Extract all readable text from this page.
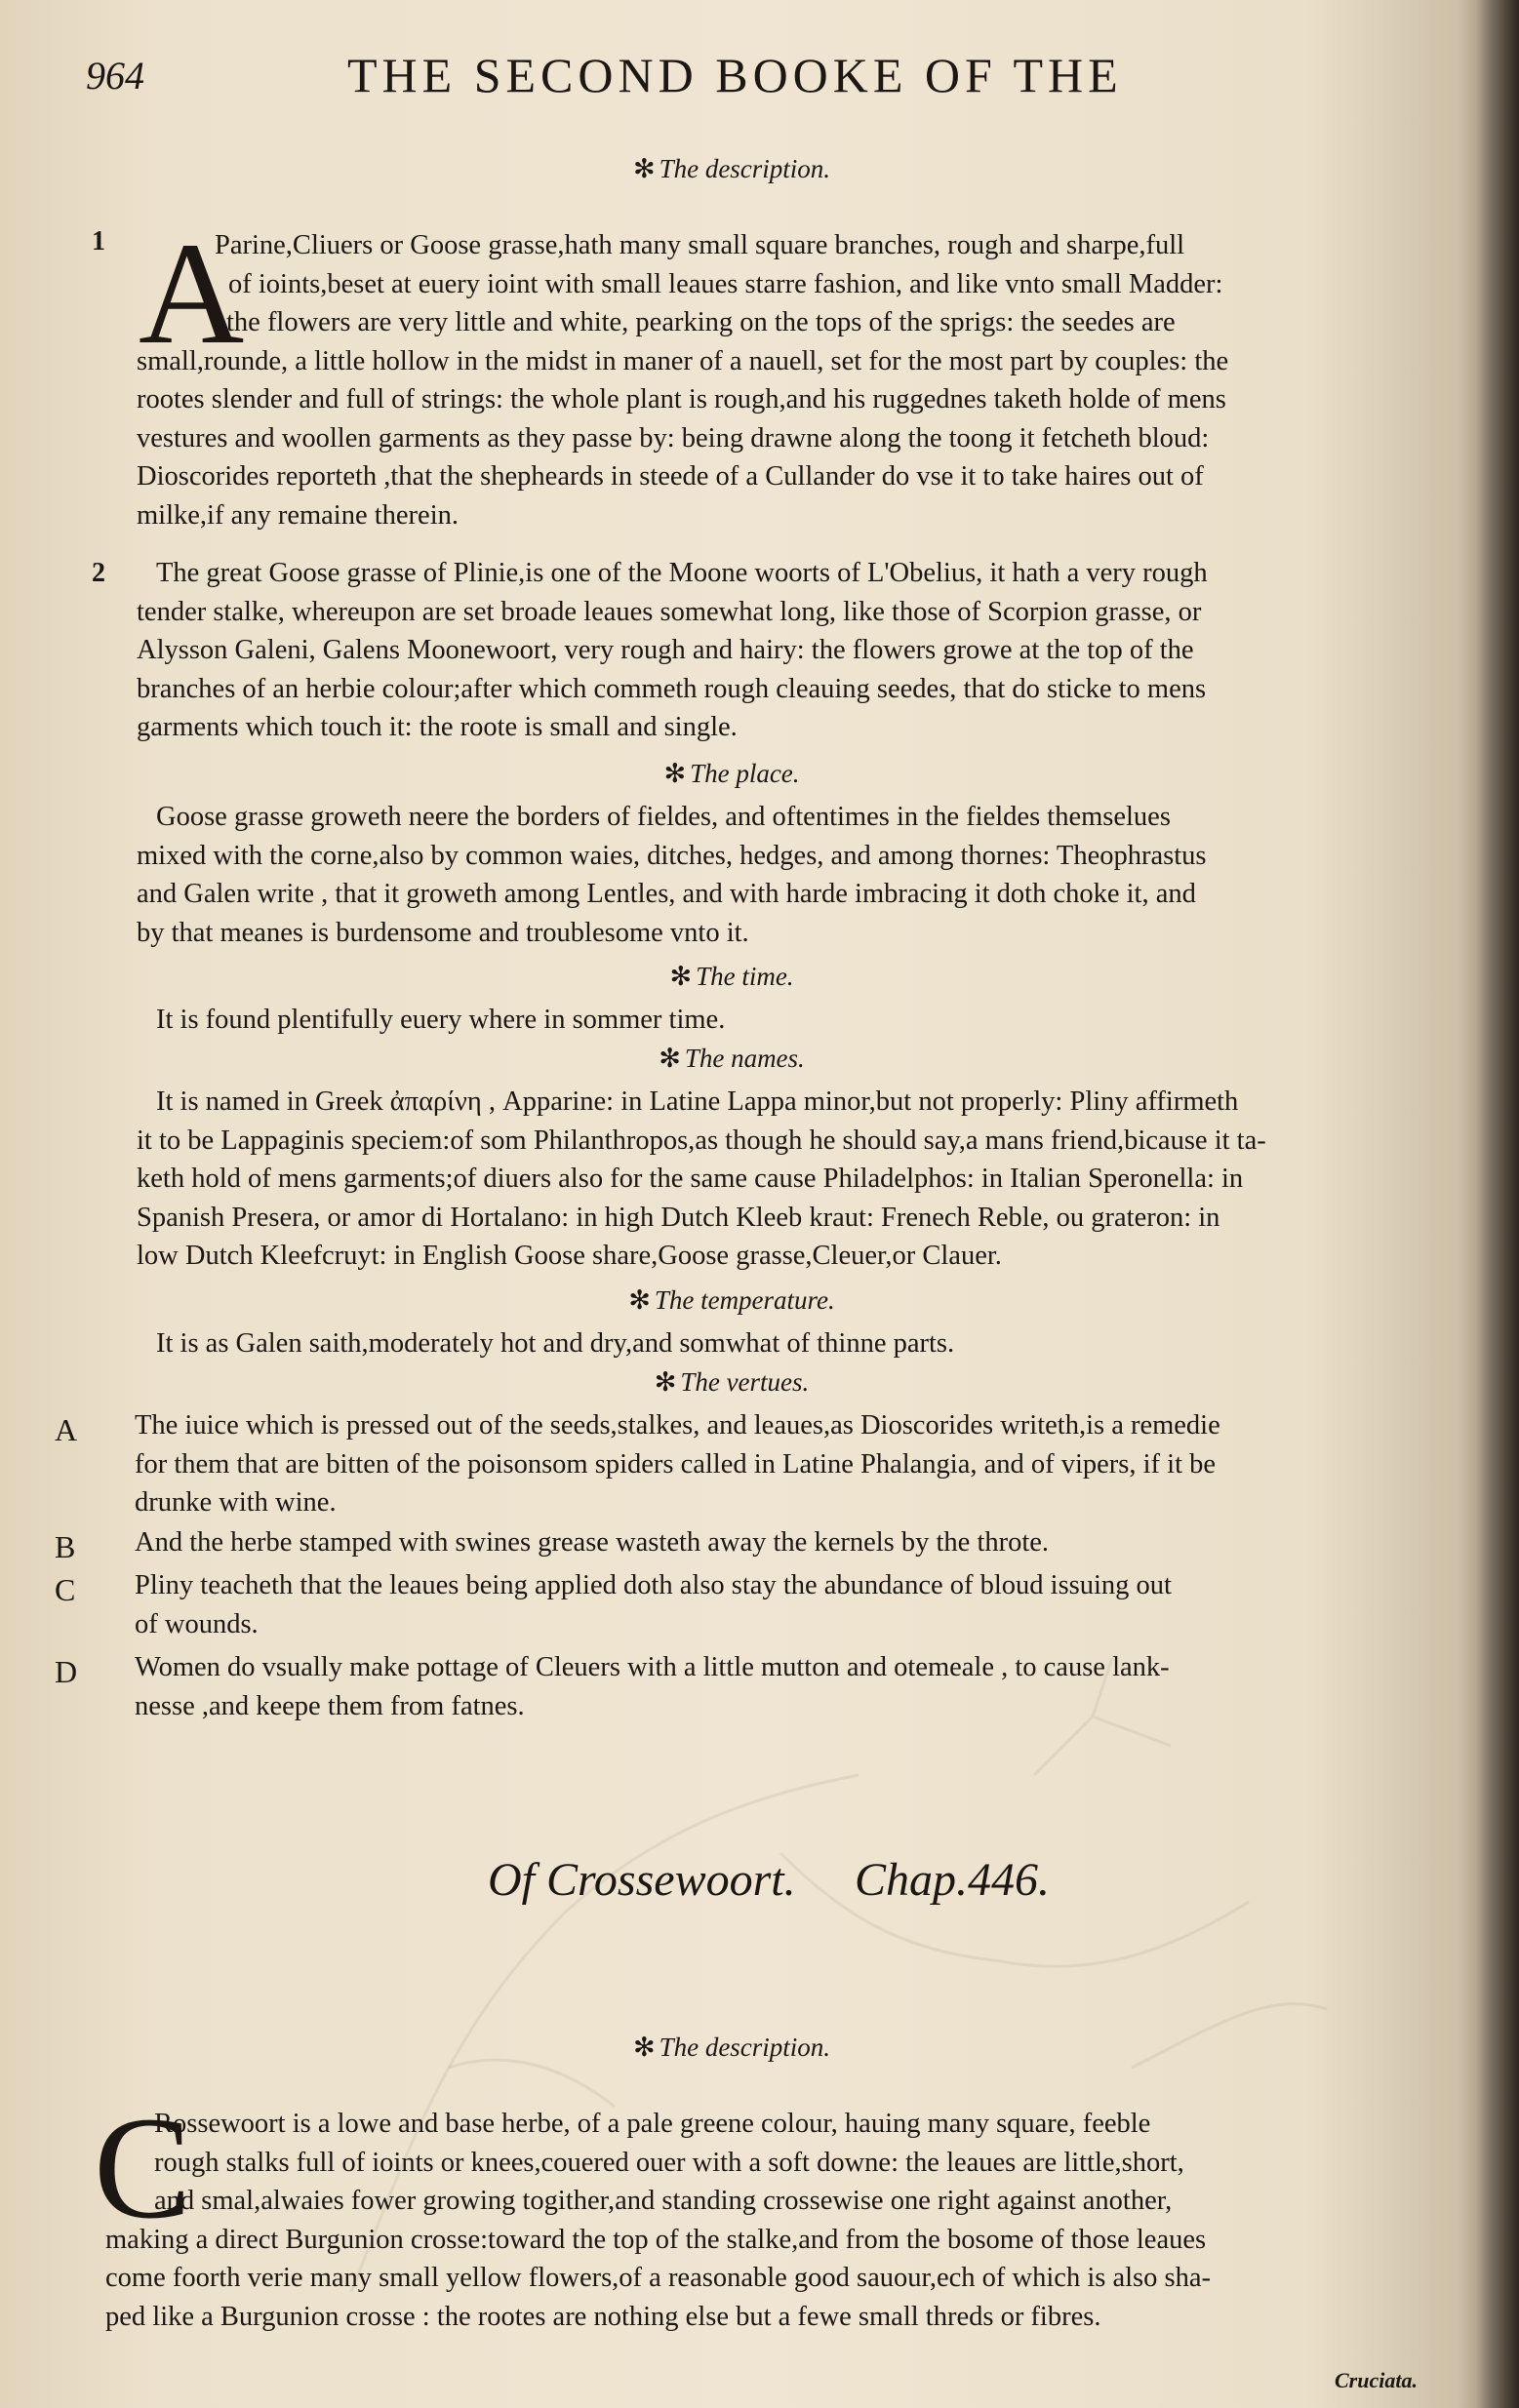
964	THE SECOND BOOKE OF THE
✻ The description.
1 A
Parine,Cliuers or Goose grasse,hath many small square branches, rough and sharpe,full
of ioints,beset at euery ioint with small leaues starre fashion, and like vnto small Madder:
the flowers are very little and white, pearking on the tops of the sprigs: the seedes are
small,rounde, a little hollow in the midst in maner of a nauell, set for the most part by couples: the
rootes slender and full of strings: the whole plant is rough,and his ruggednes taketh holde of mens
vestures and woollen garments as they passe by: being drawne along the toong it fetcheth bloud:
Dioscorides reporteth ,that the shepheards in steede of a Cullander do vse it to take haires out of
milke,if any remaine therein.
2 The great Goose grasse of Plinie,is one of the Moone woorts of L'Obelius, it hath a very rough
tender stalke, whereupon are set broade leaues somewhat long, like those of Scorpion grasse, or
Alysson Galeni, Galens Moonewoort, very rough and hairy: the flowers growe at the top of the
branches of an herbie colour;after which commeth rough cleauing seedes, that do sticke to mens
garments which touch it: the roote is small and single.
✻ The place.
Goose grasse groweth neere the borders of fieldes, and oftentimes in the fieldes themselues
mixed with the corne,also by common waies, ditches, hedges, and among thornes: Theophrastus
and Galen write , that it groweth among Lentles, and with harde imbracing it doth choke it, and
by that meanes is burdensome and troublesome vnto it.
✻ The time.
It is found plentifully euery where in sommer time.
✻ The names.
It is named in Greek ἀπαρίνη , Apparine: in Latine Lappa minor,but not properly: Pliny affirmeth
it to be Lappaginis speciem:of som Philanthropos,as though he should say,a mans friend,bicause it ta-
keth hold of mens garments;of diuers also for the same cause Philadelphos: in Italian Speronella: in
Spanish Presera, or amor di Hortalano: in high Dutch Kleeb kraut: Frenech Reble, ou grateron: in
low Dutch Kleefcruyt: in English Goose share,Goose grasse,Cleuer,or Clauer.
✻ The temperature.
It is as Galen saith,moderately hot and dry,and somwhat of thinne parts.
✻ The vertues.
A The iuice which is pressed out of the seeds,stalkes, and leaues,as Dioscorides writeth,is a remedie
for them that are bitten of the poisonsom spiders called in Latine Phalangia, and of vipers, if it be
drunke with wine.
B And the herbe stamped with swines grease wasteth away the kernels by the throte.
C Pliny teacheth that the leaues being applied doth also stay the abundance of bloud issuing out
of wounds.
D Women do vsually make pottage of Cleuers with a little mutton and otemeale , to cause lank-
nesse ,and keepe them from fatnes.
Of Crossewoort. Chap.446.
✻ The description.
C
Rossewoort is a lowe and base herbe, of a pale greene colour, hauing many square, feeble
rough stalks full of ioints or knees,couered ouer with a soft downe: the leaues are little,short,
and smal,alwaies fower growing togither,and standing crossewise one right against another,
making a direct Burgunion crosse:toward the top of the stalke,and from the bosome of those leaues
come foorth verie many small yellow flowers,of a reasonable good sauour,ech of which is also sha-
ped like a Burgunion crosse : the rootes are nothing else but a fewe small threds or fibres.
Cruciata.
